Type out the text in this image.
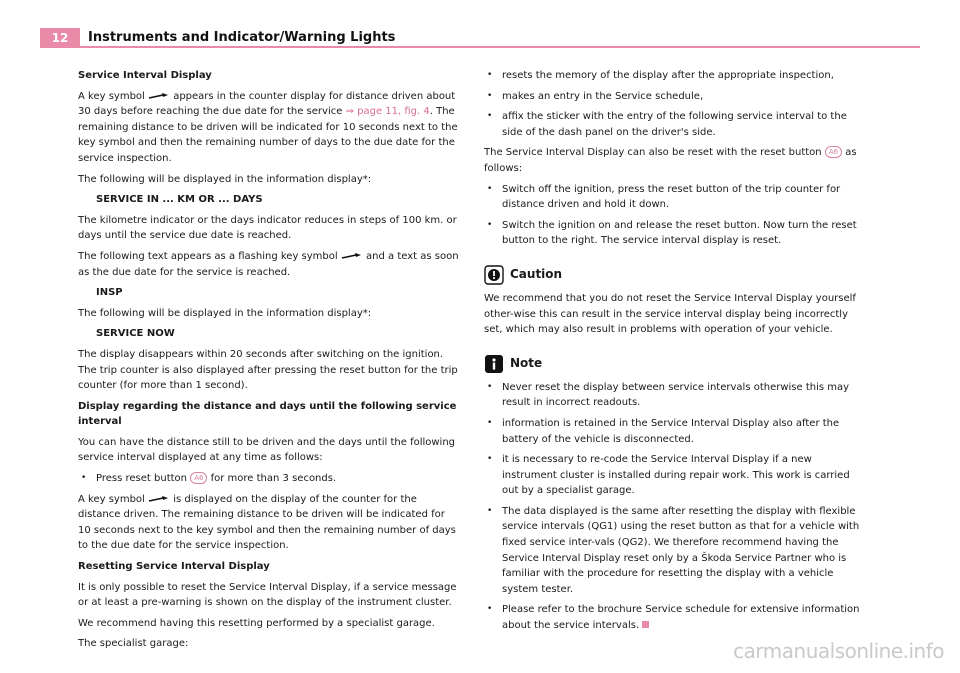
12	Instruments and Indicator/Warning Lights

Service Interval Display

A key symbol	appears in the counter display for distance driven about 30 days before reaching the due date for the service ⇒ page 11, fig. 4. The remaining distance to be driven will be indicated for 10 seconds next to the key symbol and then the remaining number of days to the due date for the service inspection.

The following will be displayed in the information display*:

SERVICE IN ... KM OR ... DAYS

The kilometre indicator or the days indicator reduces in steps of 100 km. or days until the service due date is reached.

The following text appears as a flashing key symbol	and a text as soon as the due date for the service is reached.

INSP

The following will be displayed in the information display*:

SERVICE NOW

The display disappears within 20 seconds after switching on the ignition. The trip counter is also displayed after pressing the reset button for the trip counter (for more than 1 second).

Display regarding the distance and days until the following service interval

You can have the distance still to be driven and the days until the following service interval displayed at any time as follows:

• Press reset button A6 for more than 3 seconds.

A key symbol	is displayed on the display of the counter for the distance driven. The remaining distance to be driven will be indicated for 10 seconds next to the key symbol and then the remaining number of days to the due date for the service inspection.

Resetting Service Interval Display

It is only possible to reset the Service Interval Display, if a service message or at least a pre-warning is shown on the display of the instrument cluster.

We recommend having this resetting performed by a specialist garage.

The specialist garage:

• resets the memory of the display after the appropriate inspection,
• makes an entry in the Service schedule,
• affix the sticker with the entry of the following service interval to the side of the dash panel on the driver's side.

The Service Interval Display can also be reset with the reset button A6 as follows:

• Switch off the ignition, press the reset button of the trip counter for distance driven and hold it down.
• Switch the ignition on and release the reset button. Now turn the reset button to the right. The service interval display is reset.
Caution

We recommend that you do not reset the Service Interval Display yourself other-wise this can result in the service interval display being incorrectly set, which may also result in problems with operation of your vehicle.

Note
• Never reset the display between service intervals otherwise this may result in incorrect readouts.
• information is retained in the Service Interval Display also after the battery of the vehicle is disconnected.
• it is necessary to re-code the Service Interval Display if a new instrument cluster is installed during repair work. This work is carried out by a specialist garage.
• The data displayed is the same after resetting the display with flexible service intervals (QG1) using the reset button as that for a vehicle with fixed service inter-vals (QG2). We therefore recommend having the Service Interval Display reset only by a Škoda Service Partner who is familiar with the procedure for resetting the display with a vehicle system tester.
• Please refer to the brochure Service schedule for extensive information about the service intervals.
carmanualsonline.info
